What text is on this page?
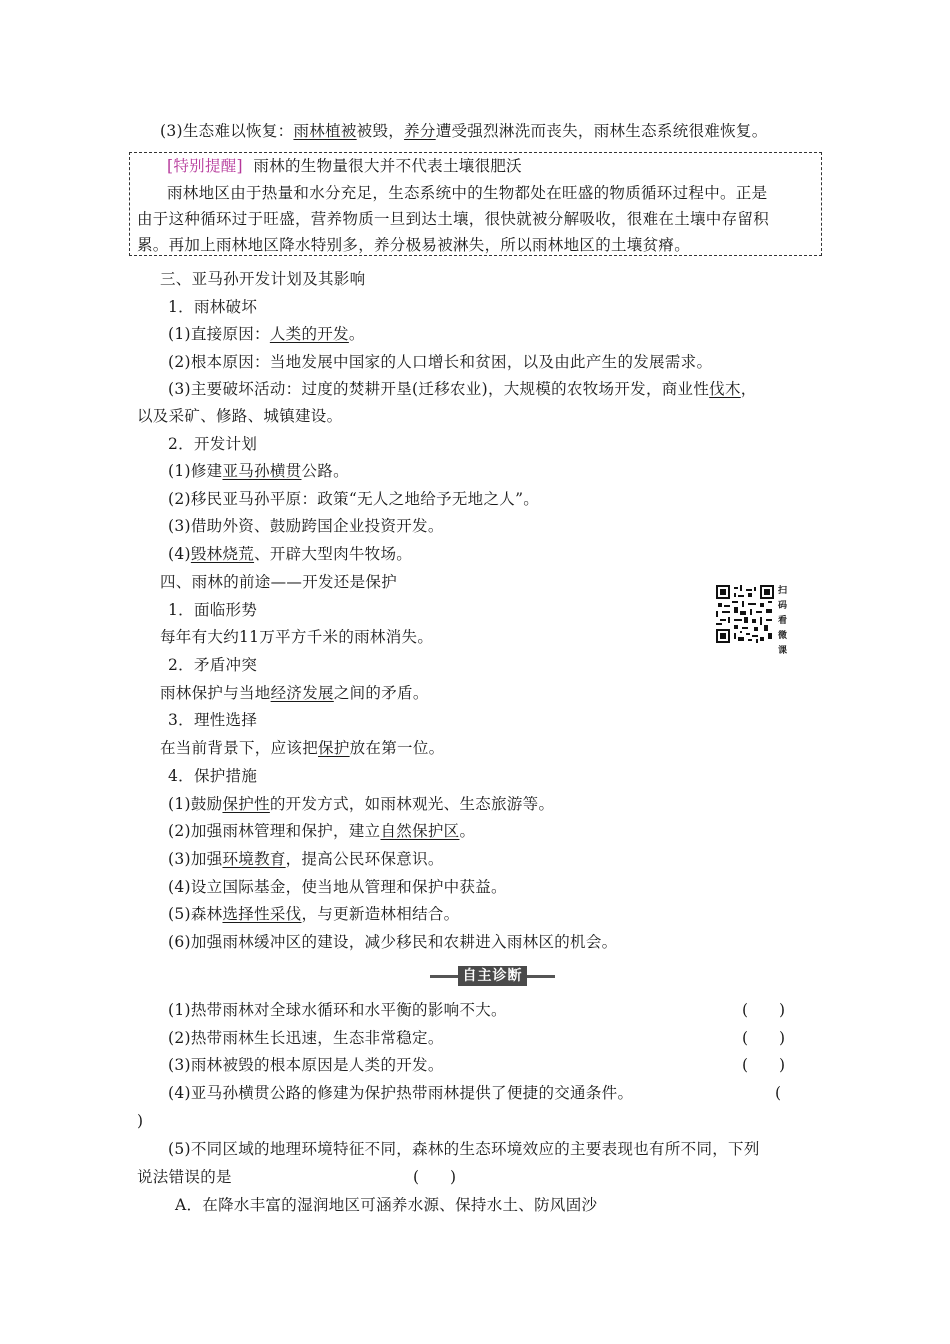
(3)生态难以恢复：雨林植被被毁，养分遭受强烈淋洗而丧失，雨林生态系统很难恢复。
[特别提醒] 雨林的生物量很大并不代表土壤很肥沃
雨林地区由于热量和水分充足，生态系统中的生物都处在旺盛的物质循环过程中。正是
由于这种循环过于旺盛，营养物质一旦到达土壤，很快就被分解吸收，很难在土壤中存留积
累。再加上雨林地区降水特别多，养分极易被淋失，所以雨林地区的土壤贫瘠。
三、亚马孙开发计划及其影响
1．雨林破坏
(1)直接原因：人类的开发。
(2)根本原因：当地发展中国家的人口增长和贫困，以及由此产生的发展需求。
(3)主要破坏活动：过度的焚耕开垦(迁移农业)，大规模的农牧场开发，商业性伐木，
以及采矿、修路、城镇建设。
2．开发计划
(1)修建亚马孙横贯公路。
(2)移民亚马孙平原：政策“无人之地给予无地之人”。
(3)借助外资、鼓励跨国企业投资开发。
(4)毁林烧荒、开辟大型肉牛牧场。
四、雨林的前途——开发还是保护
1．面临形势
每年有大约11万平方千米的雨林消失。
2．矛盾冲突
雨林保护与当地经济发展之间的矛盾。
3．理性选择
在当前背景下，应该把保护放在第一位。
4．保护措施
(1)鼓励保护性的开发方式，如雨林观光、生态旅游等。
(2)加强雨林管理和保护，建立自然保护区。
(3)加强环境教育，提高公民环保意识。
(4)设立国际基金，使当地从管理和保护中获益。
(5)森林选择性采伐，与更新造林相结合。
(6)加强雨林缓冲区的建设，减少移民和农耕进入雨林区的机会。
扫码看微课
自主诊断
(1)热带雨林对全球水循环和水平衡的影响不大。	(　　)
(2)热带雨林生长迅速，生态非常稳定。	(　　)
(3)雨林被毁的根本原因是人类的开发。	(　　)
(4)亚马孙横贯公路的修建为保护热带雨林提供了便捷的交通条件。	(
)
(5)不同区域的地理环境特征不同，森林的生态环境效应的主要表现也有所不同，下列
说法错误的是	(　　)
A．在降水丰富的湿润地区可涵养水源、保持水土、防风固沙
